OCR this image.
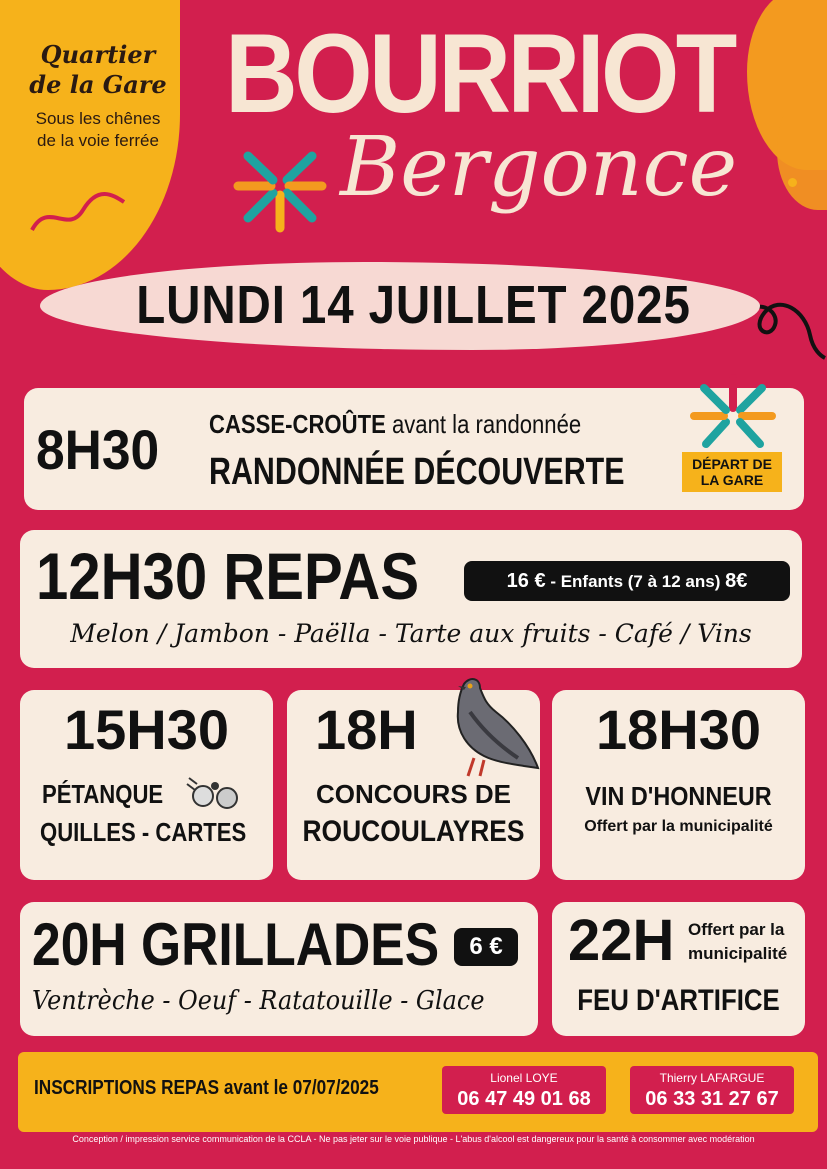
Quartier
de la Gare
Sous les chênes
de la voie ferrée
BOURRIOT
Bergonce
LUNDI 14 JUILLET 2025
8H30 CASSE-CROÛTE avant la randonnée
RANDONNÉE DÉCOUVERTE	DÉPART DE LA GARE
12H30 REPAS	16 € - Enfants (7 à 12 ans) 8€
Melon / Jambon - Paëlla - Tarte aux fruits - Café / Vins
15H30
PÉTANQUE
QUILLES - CARTES
18H
CONCOURS DE
ROUCOULAYRES
18H30
VIN D'HONNEUR
Offert par la municipalité
20H GRILLADES	6 €
Ventrèche - Oeuf - Ratatouille - Glace
22H Offert par la
municipalité
FEU D'ARTIFICE
INSCRIPTIONS REPAS avant le 07/07/2025	Lionel LOYE
06 47 49 01 68
Thierry LAFARGUE
06 33 31 27 67
Conception / impression service communication de la CCLA - Ne pas jeter sur le voie publique - L'abus d'alcool est dangereux pour la santé à consommer avec modération
